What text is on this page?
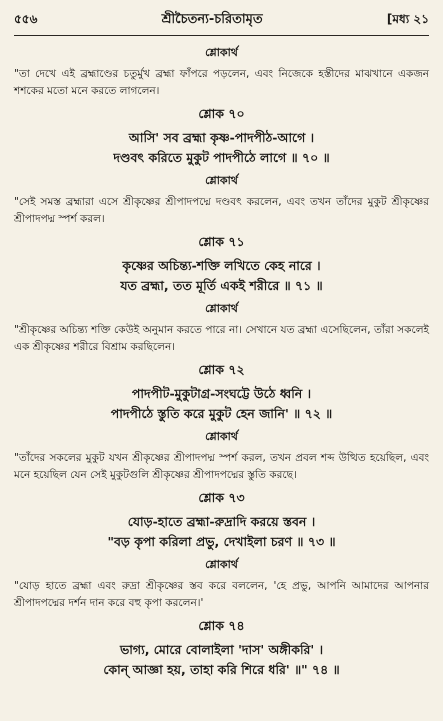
৫৫৬	শ্রীচৈতন্য-চরিতামৃত	[মধ্য ২১
শ্লোকার্থ

"তা দেখে এই ব্রহ্মাণ্ডের চতুর্মুখ ব্রহ্মা ফাঁপরে পড়লেন, এবং নিজেকে হস্তীদের মাঝখানে একজন শশকের মতো মনে করতে লাগলেন।

শ্লোক ৭০
আসি' সব ব্রহ্মা কৃষ্ণ-পাদপীঠ-আগে ।
দণ্ডবৎ করিতে মুকুট পাদপীঠে লাগে ॥ ৭০ ॥
শ্লোকার্থ

"সেই সমস্ত ব্রহ্মারা এসে শ্রীকৃষ্ণের শ্রীপাদপদ্মে দণ্ডবৎ করলেন, এবং তখন তাঁদের মুকুট শ্রীকৃষ্ণের শ্রীপাদপদ্ম স্পর্শ করল।

শ্লোক ৭১
কৃষ্ণের অচিন্ত্য-শক্তি লখিতে কেহ নারে ।
যত ব্রহ্মা, তত মূর্তি একই শরীরে ॥ ৭১ ॥
শ্লোকার্থ

"শ্রীকৃষ্ণের অচিন্ত্য শক্তি কেউই অনুমান করতে পারে না। সেখানে যত ব্রহ্মা এসেছিলেন, তাঁরা সকলেই এক শ্রীকৃষ্ণের শরীরে বিশ্রাম করছিলেন।

শ্লোক ৭২
পাদপীট-মুকুটাগ্র-সংঘট্টে উঠে ধ্বনি ।
পাদপীঠে স্তুতি করে মুকুট হেন জানি' ॥ ৭২ ॥
শ্লোকার্থ

"তাঁদের সকলের মুকুট যখন শ্রীকৃষ্ণের শ্রীপাদপদ্ম স্পর্শ করল, তখন প্রবল শব্দ উত্থিত হয়েছিল, এবং মনে হয়েছিল যেন সেই মুকুটগুলি শ্রীকৃষ্ণের শ্রীপাদপদ্মের স্তুতি করছে।

শ্লোক ৭৩
যোড়-হাতে ব্রহ্মা-রুদ্রাদি করয়ে স্তবন ।
"বড় কৃপা করিলা প্রভু, দেখাইলা চরণ ॥ ৭৩ ॥
শ্লোকার্থ

"যোড় হাতে ব্রহ্মা এবং রুদ্রা শ্রীকৃষ্ণের স্তব করে বললেন, 'হে প্রভু, আপনি আমাদের আপনার শ্রীপাদপদ্মের দর্শন দান করে বহু কৃপা করলেন।'

শ্লোক ৭৪
ভাগ্য, মোরে বোলাইলা 'দাস' অঙ্গীকরি' ।
কোন্ আজ্ঞা হয়, তাহা করি শিরে ধরি' ॥" ৭৪ ॥
